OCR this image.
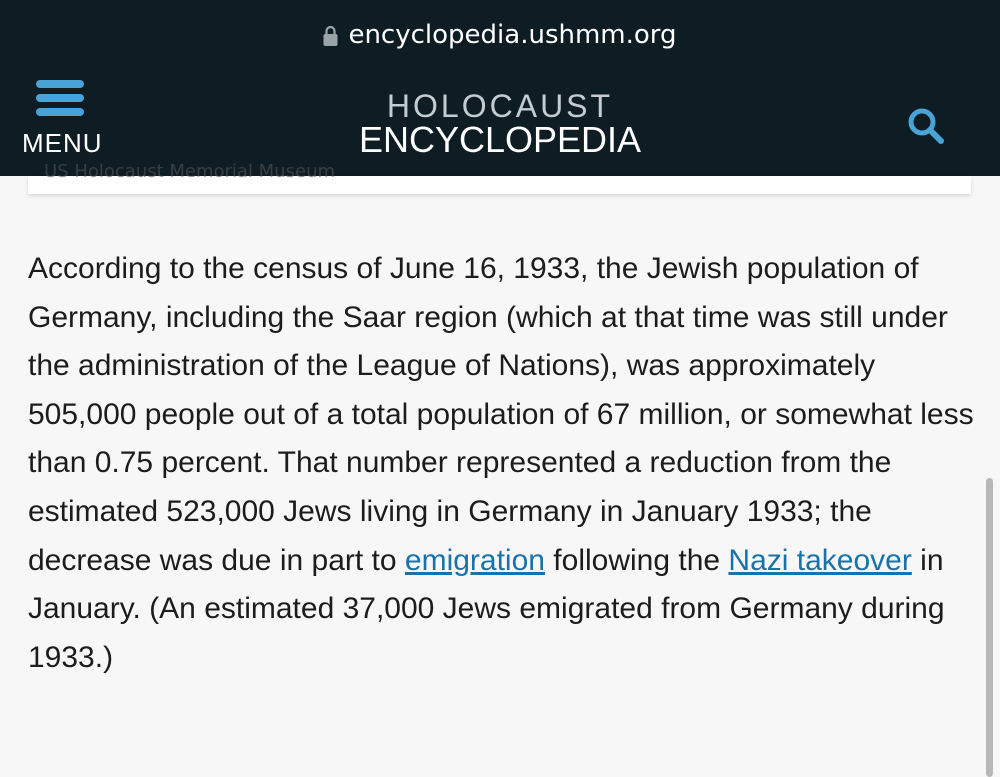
encyclopedia.ushmm.org
MENU
HOLOCAUST
ENCYCLOPEDIA
US Holocaust Memorial Museum

According to the census of June 16, 1933, the Jewish population of Germany, including the Saar region (which at that time was still under the administration of the League of Nations), was approximately 505,000 people out of a total population of 67 million, or somewhat less than 0.75 percent. That number represented a reduction from the estimated 523,000 Jews living in Germany in January 1933; the decrease was due in part to emigration following the Nazi takeover in January. (An estimated 37,000 Jews emigrated from Germany during 1933.)
